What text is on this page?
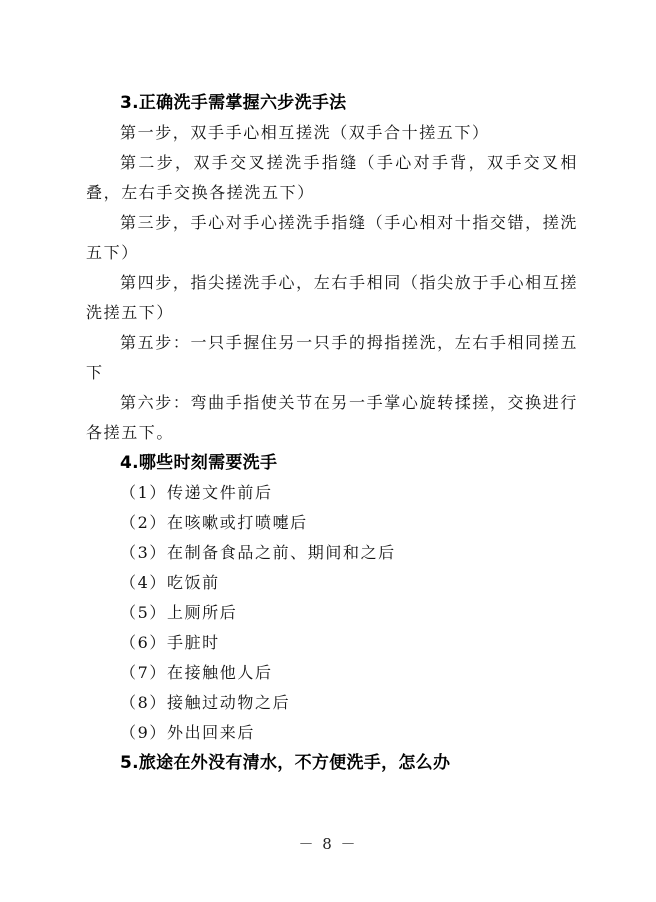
3.正确洗手需掌握六步洗手法

第一步，双手手心相互搓洗（双手合十搓五下）

第二步，双手交叉搓洗手指缝（手心对手背，双手交叉相叠，左右手交换各搓洗五下）

第三步，手心对手心搓洗手指缝（手心相对十指交错，搓洗五下）

第四步，指尖搓洗手心，左右手相同（指尖放于手心相互搓洗搓五下）

第五步：一只手握住另一只手的拇指搓洗，左右手相同搓五下

第六步：弯曲手指使关节在另一手掌心旋转揉搓，交换进行各搓五下。

4.哪些时刻需要洗手
（1）传递文件前后
（2）在咳嗽或打喷嚏后
（3）在制备食品之前、期间和之后
（4）吃饭前
（5）上厕所后
（6）手脏时
（7）在接触他人后
（8）接触过动物之后
（9）外出回来后
5.旅途在外没有清水，不方便洗手，怎么办
－ 8 －
